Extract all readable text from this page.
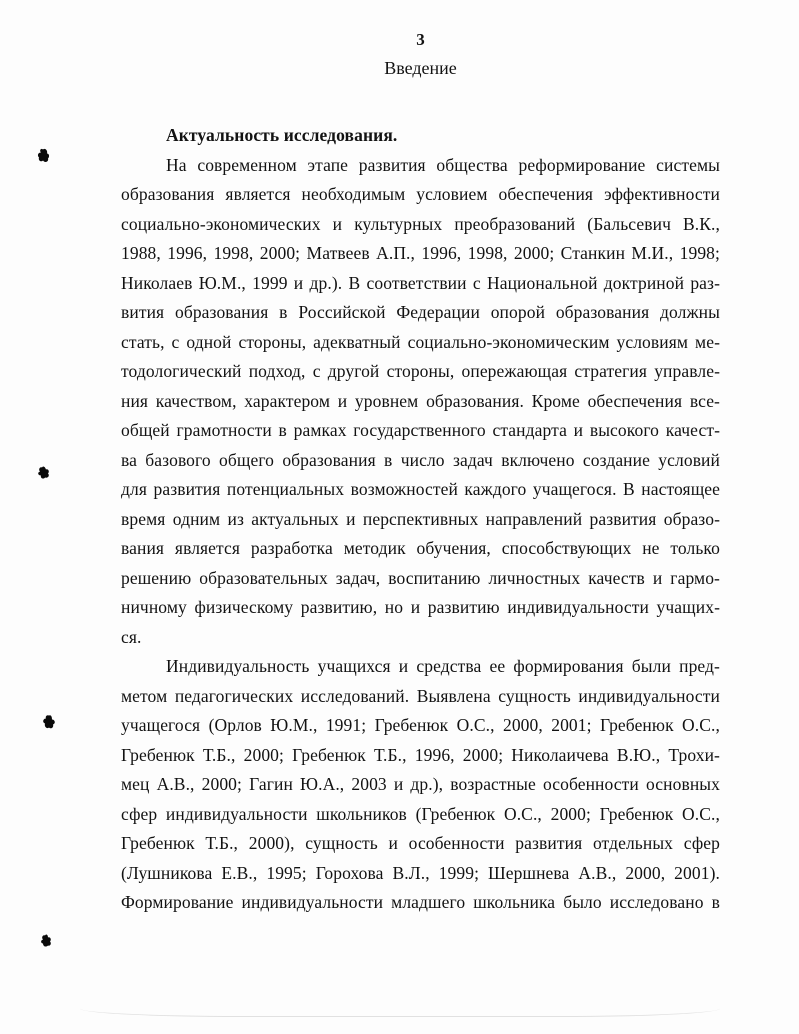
3
Введение
Актуальность исследования.
На современном этапе развития общества реформирование системы
образования является необходимым условием обеспечения эффективности
социально-экономических и культурных преобразований (Бальсевич В.К.,
1988, 1996, 1998, 2000; Матвеев А.П., 1996, 1998, 2000; Станкин М.И., 1998;
Николаев Ю.М., 1999 и др.). В соответствии с Национальной доктриной раз-
вития образования в Российской Федерации опорой образования должны
стать, с одной стороны, адекватный социально-экономическим условиям ме-
тодологический подход, с другой стороны, опережающая стратегия управле-
ния качеством, характером и уровнем образования. Кроме обеспечения все-
общей грамотности в рамках государственного стандарта и высокого качест-
ва базового общего образования в число задач включено создание условий
для развития потенциальных возможностей каждого учащегося. В настоящее
время одним из актуальных и перспективных направлений развития образо-
вания является разработка методик обучения, способствующих не только
решению образовательных задач, воспитанию личностных качеств и гармо-
ничному физическому развитию, но и развитию индивидуальности учащих-
ся.
Индивидуальность учащихся и средства ее формирования были пред-
метом педагогических исследований. Выявлена сущность индивидуальности
учащегося (Орлов Ю.М., 1991; Гребенюк О.С., 2000, 2001; Гребенюк О.С.,
Гребенюк Т.Б., 2000; Гребенюк Т.Б., 1996, 2000; Николаичева В.Ю., Трохи-
мец А.В., 2000; Гагин Ю.А., 2003 и др.), возрастные особенности основных
сфер индивидуальности школьников (Гребенюк О.С., 2000; Гребенюк О.С.,
Гребенюк Т.Б., 2000), сущность и особенности развития отдельных сфер
(Лушникова Е.В., 1995; Горохова В.Л., 1999; Шершнева А.В., 2000, 2001).
Формирование индивидуальности младшего школьника было исследовано в
